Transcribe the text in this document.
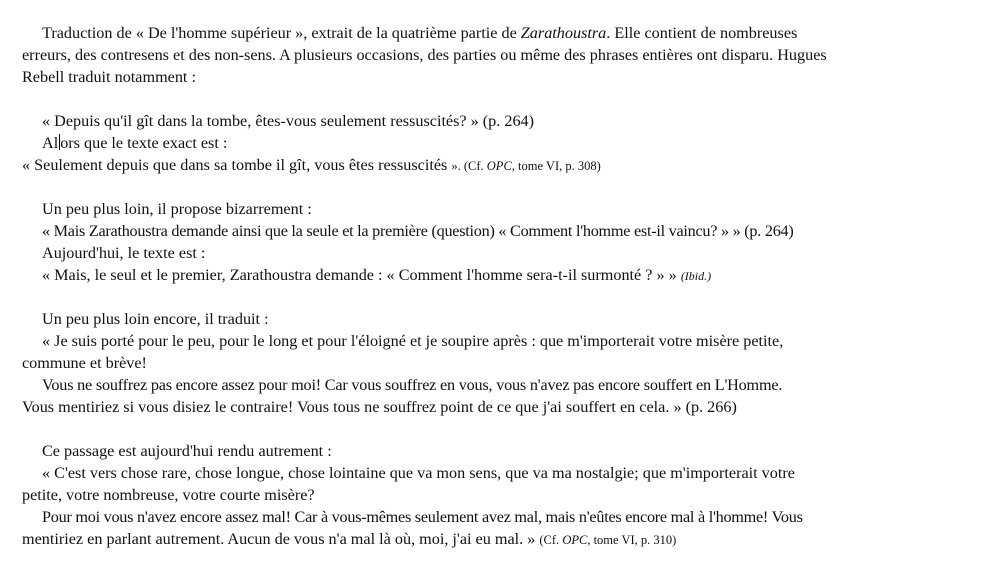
Traduction de « De l'homme supérieur », extrait de la quatrième partie de Zarathoustra. Elle contient de nombreuses
erreurs, des contresens et des non-sens. A plusieurs occasions, des parties ou même des phrases entières ont disparu. Hugues
Rebell traduit notamment :
« Depuis qu'il gît dans la tombe, êtes-vous seulement ressuscités? » (p. 264)
Al ors que le texte exact est :
« Seulement depuis que dans sa tombe il gît, vous êtes ressuscités ». (Cf. OPC, tome VI, p. 308)
Un peu plus loin, il propose bizarrement :
« Mais Zarathoustra demande ainsi que la seule et la première (question) « Comment l'homme est-il vaincu? » » (p. 264)
Aujourd'hui, le texte est :
« Mais, le seul et le premier, Zarathoustra demande : « Comment l'homme sera-t-il surmonté ? » » (Ibid.)
Un peu plus loin encore, il traduit :
« Je suis porté pour le peu, pour le long et pour l'éloigné et je soupire après : que m'importerait votre misère petite,
commune et brève!
Vous ne souffrez pas encore assez pour moi! Car vous souffrez en vous, vous n'avez pas encore souffert en L'Homme.
Vous mentiriez si vous disiez le contraire! Vous tous ne souffrez point de ce que j'ai souffert en cela. » (p. 266)
Ce passage est aujourd'hui rendu autrement :
« C'est vers chose rare, chose longue, chose lointaine que va mon sens, que va ma nostalgie; que m'importerait votre
petite, votre nombreuse, votre courte misère?
Pour moi vous n'avez encore assez mal! Car à vous-mêmes seulement avez mal, mais n'eûtes encore mal à l'homme! Vous
mentiriez en parlant autrement. Aucun de vous n'a mal là où, moi, j'ai eu mal. » (Cf. OPC, tome VI, p. 310)
